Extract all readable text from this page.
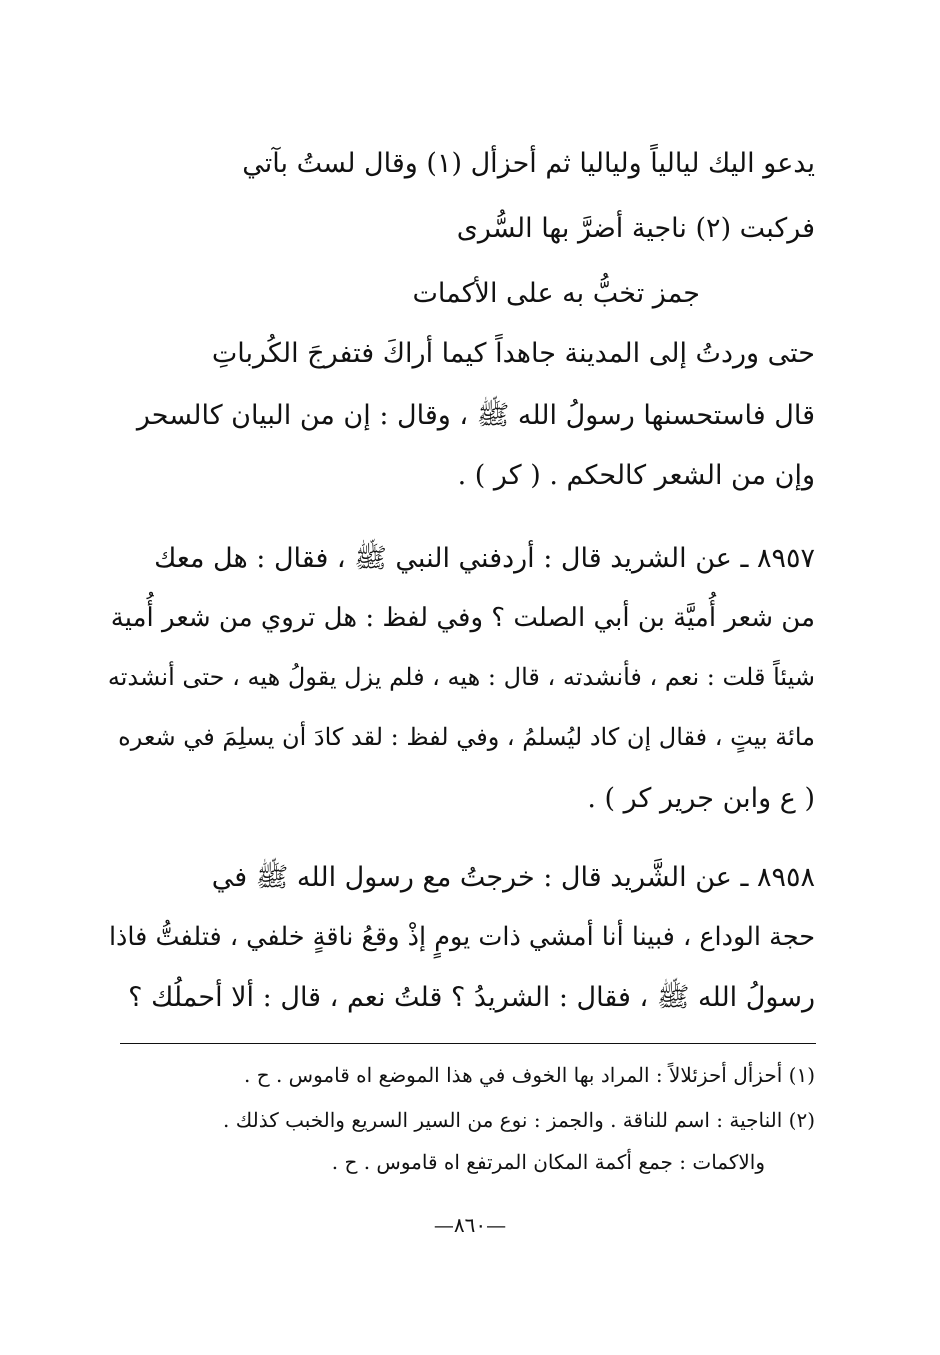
يدعو اليك ليالياً ولياليا ثم أحزأل (١) وقال لستُ بآتي
فركبت (٢) ناجية أضرَّ بها السُّرى
جمز تخبُّ به على الأكمات
حتى وردتُ إلى المدينة جاهداً كيما أراكَ فتفرجَ الكُرباتِ
قال فاستحسنها رسولُ الله ﷺ ، وقال : إن من البيان كالسحر
وإن من الشعر كالحكم . ( كر ) .
٨٩٥٧ ـ عن الشريد قال : أردفني النبي ﷺ ، فقال : هل معك
من شعر أُميَّة بن أبي الصلت ؟ وفي لفظ : هل تروي من شعر أُمية
شيئاً قلت : نعم ، فأنشدته ، قال : هيه ، فلم يزل يقولُ هيه ، حتى أنشدته
مائة بيتٍ ، فقال إن كاد ليُسلمُ ، وفي لفظ : لقد كادَ أن يسلِمَ في شعره
( ع وابن جرير كر ) .
٨٩٥٨ ـ عن الشَّريد قال : خرجتُ مع رسول الله ﷺ في
حجة الوداع ، فبينا أنا أمشي ذات يومٍ إذْ وقعُ ناقةٍ خلفي ، فتلفتُّ فاذا
رسولُ الله ﷺ ، فقال : الشريدُ ؟ قلتُ نعم ، قال : ألا أحملُك ؟
(١) أحزأل أحزئلالاً : المراد بها الخوف في هذا الموضع اه قاموس . ح .
(٢) الناجية : اسم للناقة . والجمز : نوع من السير السريع والخبب كذلك .
والاكمات : جمع أكمة المكان المرتفع اه قاموس . ح .
—٨٦٠—
